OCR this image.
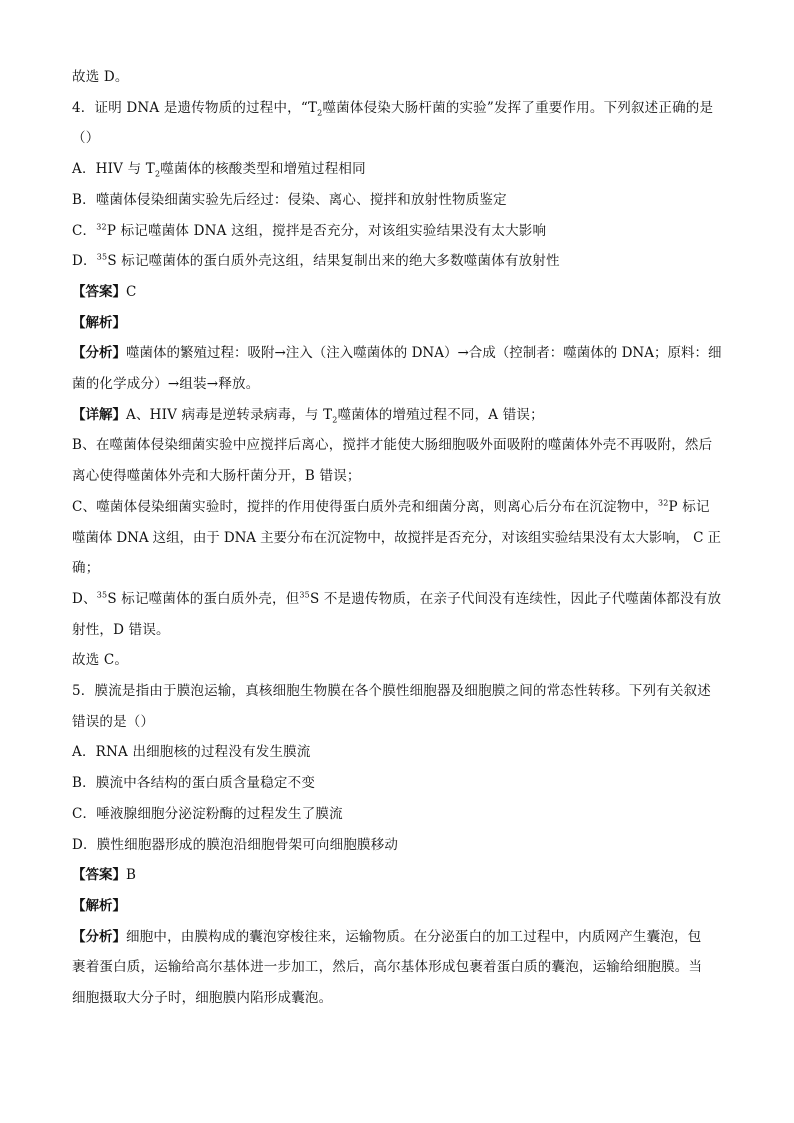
故选 D。
4．证明 DNA 是遗传物质的过程中，“$T_2$噬菌体侵染大肠杆菌的实验”发挥了重要作用。下列叙述正确的是
（）
A．HIV 与 $T_2$噬菌体的核酸类型和增殖过程相同
B．噬菌体侵染细菌实验先后经过：侵染、离心、搅拌和放射性物质鉴定
C．$^{32}$P 标记噬菌体 DNA 这组，搅拌是否充分，对该组实验结果没有太大影响
D．$^{35}$S 标记噬菌体的蛋白质外壳这组，结果复制出来的绝大多数噬菌体有放射性
【答案】C
【解析】
【分析】噬菌体的繁殖过程：吸附→注入（注入噬菌体的 DNA）→合成（控制者：噬菌体的 DNA；原料：细
菌的化学成分）→组装→释放。
【详解】A、HIV 病毒是逆转录病毒，与 $T_2$噬菌体的增殖过程不同，A 错误；
B、在噬菌体侵染细菌实验中应搅拌后离心，搅拌才能使大肠细胞吸外面吸附的噬菌体外壳不再吸附，然后
离心使得噬菌体外壳和大肠杆菌分开，B 错误；
C、噬菌体侵染细菌实验时，搅拌的作用使得蛋白质外壳和细菌分离，则离心后分布在沉淀物中，$^{32}$P 标记
噬菌体 DNA 这组，由于 DNA 主要分布在沉淀物中，故搅拌是否充分，对该组实验结果没有太大影响， C 正
确；
D、$^{35}$S 标记噬菌体的蛋白质外壳，但$^{35}$S 不是遗传物质，在亲子代间没有连续性，因此子代噬菌体都没有放
射性，D 错误。
故选 C。
5．膜流是指由于膜泡运输，真核细胞生物膜在各个膜性细胞器及细胞膜之间的常态性转移。下列有关叙述
错误的是（）
A．RNA 出细胞核的过程没有发生膜流
B．膜流中各结构的蛋白质含量稳定不变
C．唾液腺细胞分泌淀粉酶的过程发生了膜流
D．膜性细胞器形成的膜泡沿细胞骨架可向细胞膜移动
【答案】B
【解析】
【分析】细胞中，由膜构成的囊泡穿梭往来，运输物质。在分泌蛋白的加工过程中，内质网产生囊泡，包
裹着蛋白质，运输给高尔基体进一步加工，然后，高尔基体形成包裹着蛋白质的囊泡，运输给细胞膜。当
细胞摄取大分子时，细胞膜内陷形成囊泡。
